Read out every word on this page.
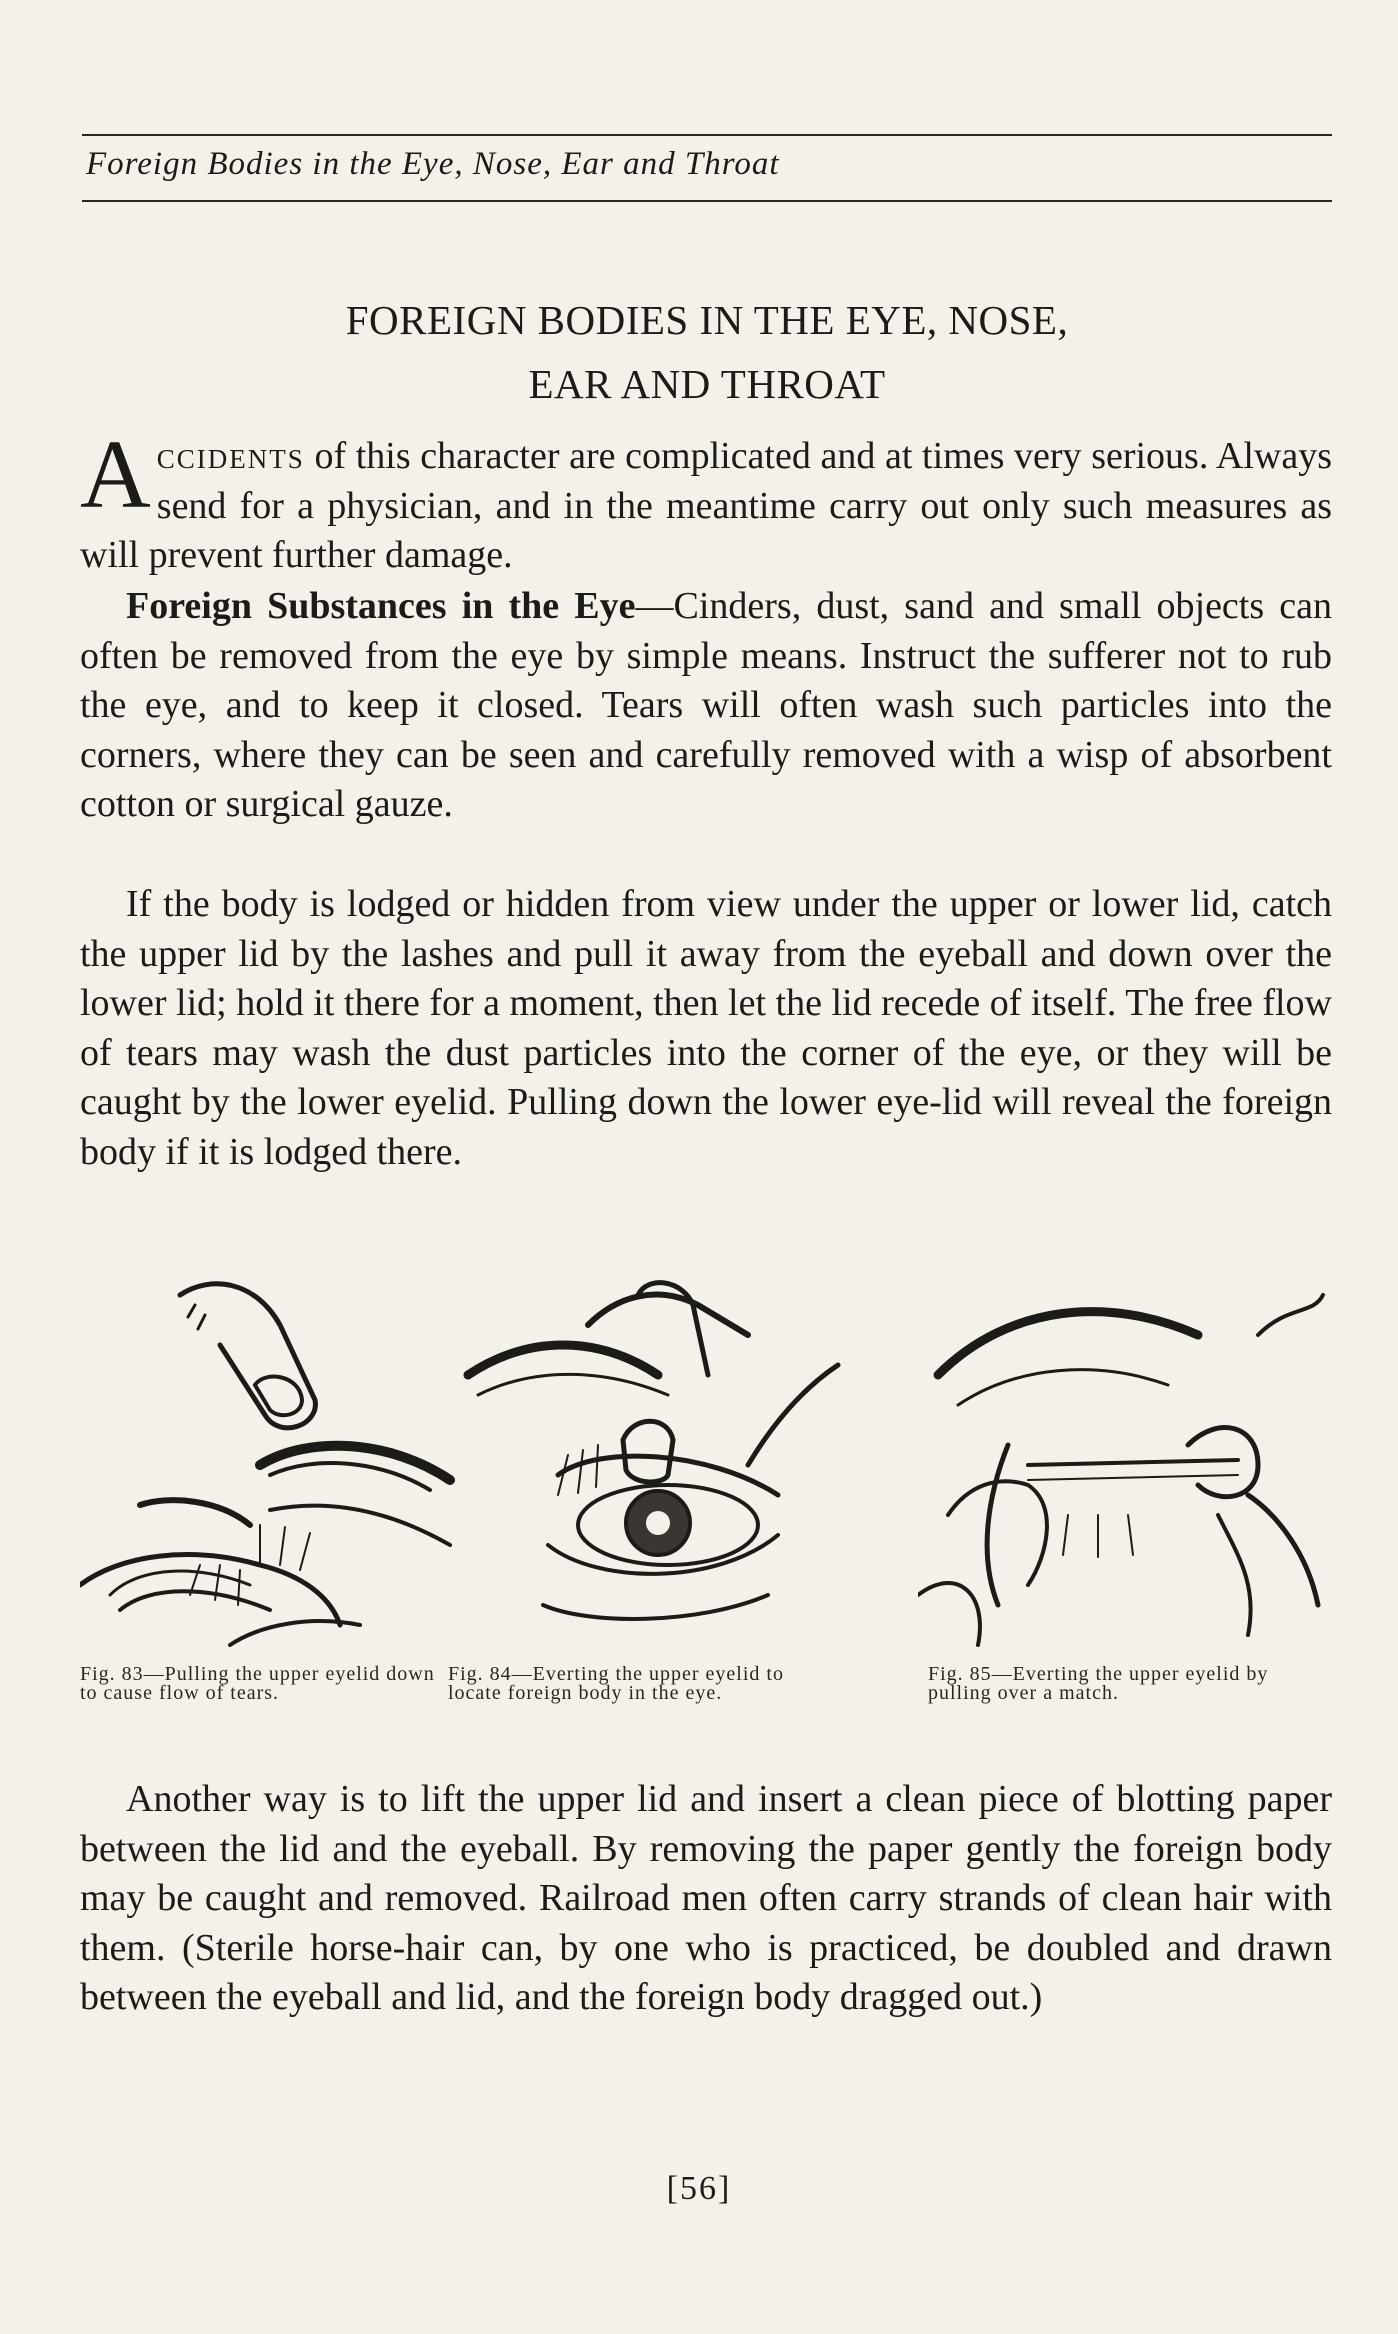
Foreign Bodies in the Eye, Nose, Ear and Throat
FOREIGN BODIES IN THE EYE, NOSE,
EAR AND THROAT
Accidents of this character are complicated and at times very serious. Always send for a physician, and in the meantime carry out only such measures as will prevent further damage.
Foreign Substances in the Eye—Cinders, dust, sand and small objects can often be removed from the eye by simple means. Instruct the sufferer not to rub the eye, and to keep it closed. Tears will often wash such particles into the corners, where they can be seen and carefully removed with a wisp of absorbent cotton or surgical gauze.
If the body is lodged or hidden from view under the upper or lower lid, catch the upper lid by the lashes and pull it away from the eyeball and down over the lower lid; hold it there for a moment, then let the lid recede of itself. The free flow of tears may wash the dust particles into the corner of the eye, or they will be caught by the lower eyelid. Pulling down the lower eye-lid will reveal the foreign body if it is lodged there.
Fig. 83—Pulling the upper eyelid down to cause flow of tears.
Fig. 84—Everting the upper eyelid to locate foreign body in the eye.
Fig. 85—Everting the upper eyelid by pulling over a match.
Another way is to lift the upper lid and insert a clean piece of blotting paper between the lid and the eyeball. By removing the paper gently the foreign body may be caught and removed. Railroad men often carry strands of clean hair with them. (Sterile horse-hair can, by one who is practiced, be doubled and drawn between the eyeball and lid, and the foreign body dragged out.)
[56]
